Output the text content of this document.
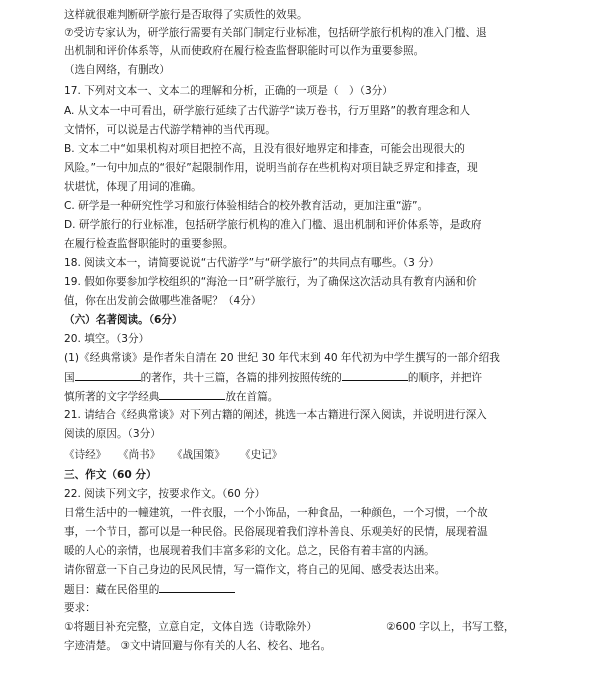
这样就很难判断研学旅行是否取得了实质性的效果。
⑦受访专家认为，研学旅行需要有关部门制定行业标准，包括研学旅行机构的准入门槛、退
出机制和评价体系等，从而使政府在履行检查监督职能时可以作为重要参照。
（选自网络，有删改）
17. 下列对文本一、文本二的理解和分析，正确的一项是（　）（3分）
A. 从文本一中可看出，研学旅行延续了古代游学“读万卷书，行万里路”的教育理念和人
文情怀，可以说是古代游学精神的当代再现。
B. 文本二中“如果机构对项目把控不高，且没有很好地界定和排查，可能会出现很大的
风险。”一句中加点的“很好”起限制作用，说明当前存在些机构对项目缺乏界定和排查，现
状堪忧，体现了用词的准确。
C. 研学是一种研究性学习和旅行体验相结合的校外教育活动，更加注重“游”。
D. 研学旅行的行业标准，包括研学旅行机构的准入门槛、退出机制和评价体系等，是政府
在履行检查监督职能时的重要参照。
18. 阅读文本一，请简要说说“古代游学”与“研学旅行”的共同点有哪些。（3 分）
19. 假如你要参加学校组织的“海沧一日”研学旅行，为了确保这次活动具有教育内涵和价
值，你在出发前会做哪些准备呢？（4分）
（六）名著阅读。（6分）
20. 填空。（3分）
(1)《经典常谈》是作者朱自清在 20 世纪 30 年代末到 40 年代初为中学生撰写的一部介绍我
国	的著作，共十三篇，各篇的排列按照传统的	的顺序，并把许
慎所著的文字学经典	放在首篇。
21. 请结合《经典常谈》对下列古籍的阐述，挑选一本古籍进行深入阅读，并说明进行深入
阅读的原因。（3分）
《诗经》 《尚书》 《战国策》 《史记》
三、作文（60 分）
22. 阅读下列文字，按要求作文。（60 分）
日常生活中的一幢建筑，一件衣服，一个小饰品，一种食品，一种颜色，一个习惯，一个故
事，一个节日，都可以是一种民俗。民俗展现着我们淳朴善良、乐观美好的民情，展现着温
暖的人心的亲情，也展现着我们丰富多彩的文化。总之，民俗有着丰富的内涵。
请你留意一下自己身边的民风民情，写一篇作文，将自己的见闻、感受表达出来。
题目：藏在民俗里的
要求：
①将题目补充完整，立意自定，文体自选（诗歌除外）	②600 字以上，书写工整，
字迹清楚。 ③文中请回避与你有关的人名、校名、地名。
